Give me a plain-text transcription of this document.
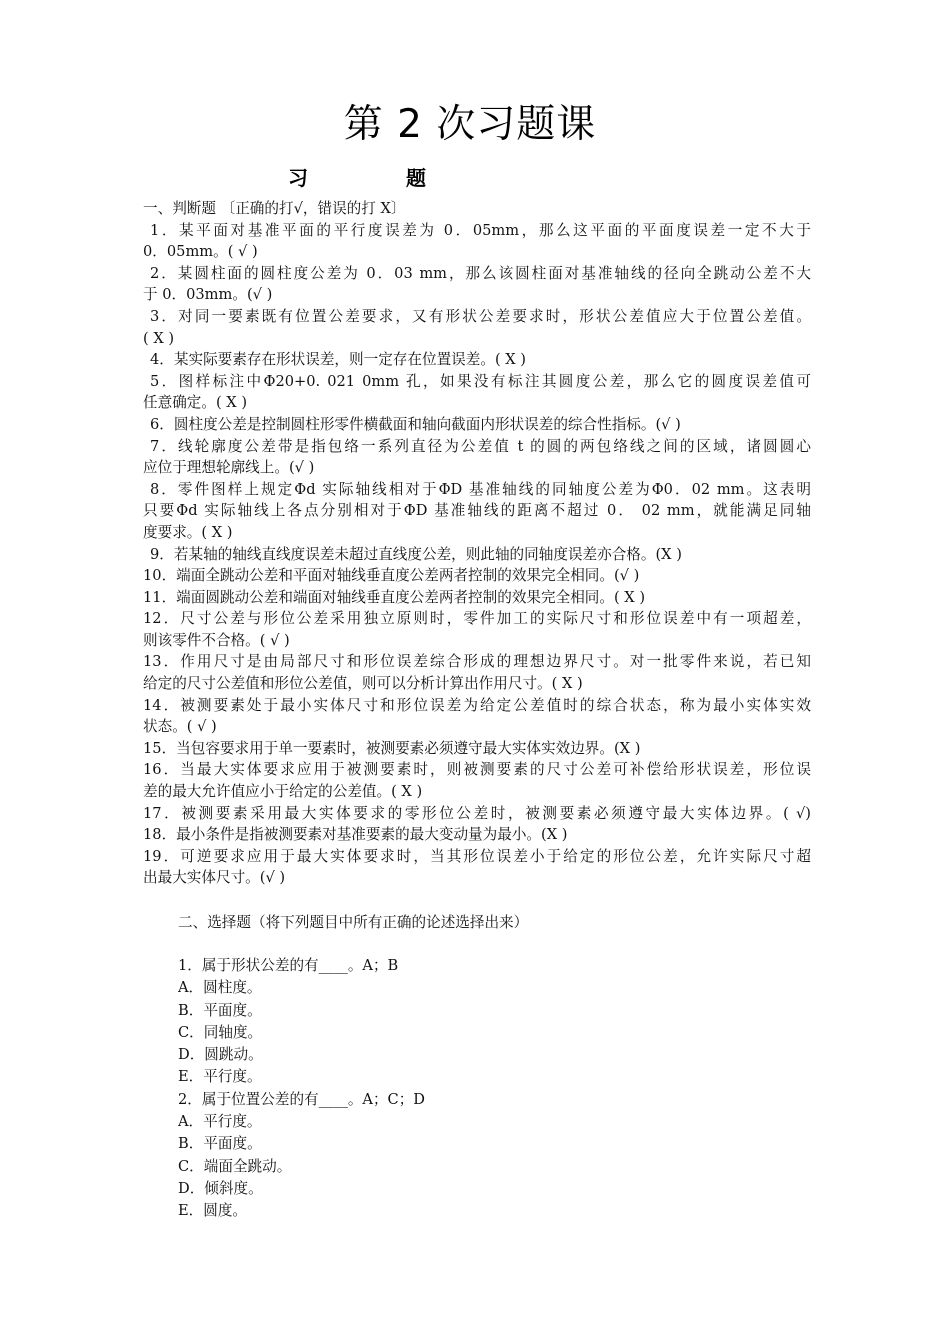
第 2 次习题课
习题
一、判断题 〔正确的打√，错误的打 X〕
1．某平面对基准平面的平行度误差为 0．05mm，那么这平面的平面度误差一定不大于
0．05mm。( √ )
2．某圆柱面的圆柱度公差为 0．03 mm，那么该圆柱面对基准轴线的径向全跳动公差不大
于 0．03mm。(√ )
3．对同一要素既有位置公差要求，又有形状公差要求时，形状公差值应大于位置公差值。
( X )
4．某实际要素存在形状误差，则一定存在位置误差。( X )
5．图样标注中Φ20+0. 021 0mm 孔，如果没有标注其圆度公差，那么它的圆度误差值可
任意确定。( X )
6．圆柱度公差是控制圆柱形零件横截面和轴向截面内形状误差的综合性指标。(√ )
7．线轮廓度公差带是指包络一系列直径为公差值 t 的圆的两包络线之间的区域，诸圆圆心
应位于理想轮廓线上。(√ )
8．零件图样上规定Φd 实际轴线相对于ΦD 基准轴线的同轴度公差为Φ0．02 mm。这表明
只要Φd 实际轴线上各点分别相对于ΦD 基准轴线的距离不超过 0． 02 mm，就能满足同轴
度要求。( X )
9．若某轴的轴线直线度误差未超过直线度公差，则此轴的同轴度误差亦合格。(X )
10．端面全跳动公差和平面对轴线垂直度公差两者控制的效果完全相同。(√ )
11．端面圆跳动公差和端面对轴线垂直度公差两者控制的效果完全相同。( X )
12．尺寸公差与形位公差采用独立原则时，零件加工的实际尺寸和形位误差中有一项超差，
则该零件不合格。( √ )
13．作用尺寸是由局部尺寸和形位误差综合形成的理想边界尺寸。对一批零件来说，若已知
给定的尺寸公差值和形位公差值，则可以分析计算出作用尺寸。( X )
14．被测要素处于最小实体尺寸和形位误差为给定公差值时的综合状态，称为最小实体实效
状态。( √ )
15．当包容要求用于单一要素时，被测要素必须遵守最大实体实效边界。(X )
16．当最大实体要求应用于被测要素时，则被测要素的尺寸公差可补偿给形状误差，形位误
差的最大允许值应小于给定的公差值。( X )
17．被测要素采用最大实体要求的零形位公差时，被测要素必须遵守最大实体边界。( √)
18．最小条件是指被测要素对基准要素的最大变动量为最小。(X )
19．可逆要求应用于最大实体要求时，当其形位误差小于给定的形位公差，允许实际尺寸超
出最大实体尺寸。(√ )
二、选择题（将下列题目中所有正确的论述选择出来）
1．属于形状公差的有____。A；B
A．圆柱度。
B．平面度。
C．同轴度。
D．圆跳动。
E．平行度。
2．属于位置公差的有____。A；C；D
A．平行度。
B．平面度。
C．端面全跳动。
D．倾斜度。
E．圆度。
